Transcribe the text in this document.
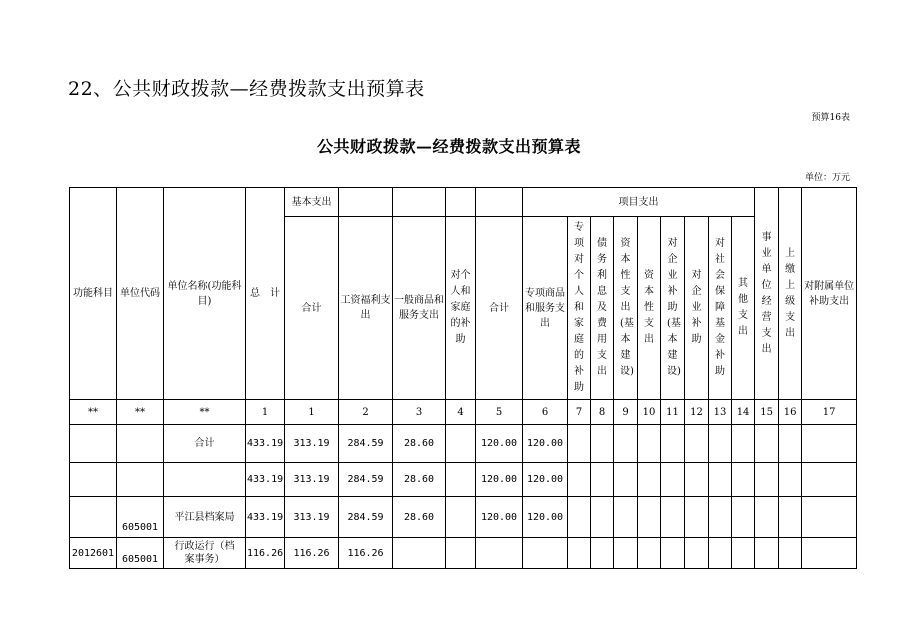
22、公共财政拨款—经费拨款支出预算表
预算16表
公共财政拨款—经费拨款支出预算表
单位：万元
功能科目	单位代码	单位名称(功能科目)	总　计	基本支出					项目支出									事业单位经营支出	上缴上级支出	对附属单位补助支出
				合计	工资福利支出	一般商品和服务支出	对个人和家庭的补助	合计	专项商品和服务支出	专项对个人和家庭的补助	债务利息及费用支出	资本性支出(基本建设)	资本性支出	对企业补助(基本建设)	对企业补助	对社会保障基金补助	其他支出			
**	**	**	1	1	2	3	4	5	6	7	8	9	10	11	12	13	14	15	16	17
		合计	433.19	313.19	284.59	28.60		120.00	120.00											
			433.19	313.19	284.59	28.60		120.00	120.00											
	605001	平江县档案局	433.19	313.19	284.59	28.60		120.00	120.00											
2012601	605001	行政运行（档案事务）	116.26	116.26	116.26															
